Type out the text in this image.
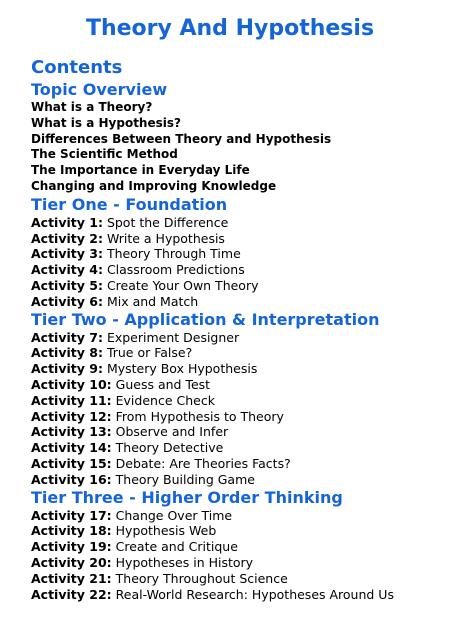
Theory And Hypothesis
Contents
Topic Overview
What is a Theory?
What is a Hypothesis?
Differences Between Theory and Hypothesis
The Scientific Method
The Importance in Everyday Life
Changing and Improving Knowledge
Tier One - Foundation
Activity 1: Spot the Difference
Activity 2: Write a Hypothesis
Activity 3: Theory Through Time
Activity 4: Classroom Predictions
Activity 5: Create Your Own Theory
Activity 6: Mix and Match
Tier Two - Application & Interpretation
Activity 7: Experiment Designer
Activity 8: True or False?
Activity 9: Mystery Box Hypothesis
Activity 10: Guess and Test
Activity 11: Evidence Check
Activity 12: From Hypothesis to Theory
Activity 13: Observe and Infer
Activity 14: Theory Detective
Activity 15: Debate: Are Theories Facts?
Activity 16: Theory Building Game
Tier Three - Higher Order Thinking
Activity 17: Change Over Time
Activity 18: Hypothesis Web
Activity 19: Create and Critique
Activity 20: Hypotheses in History
Activity 21: Theory Throughout Science
Activity 22: Real-World Research: Hypotheses Around Us
